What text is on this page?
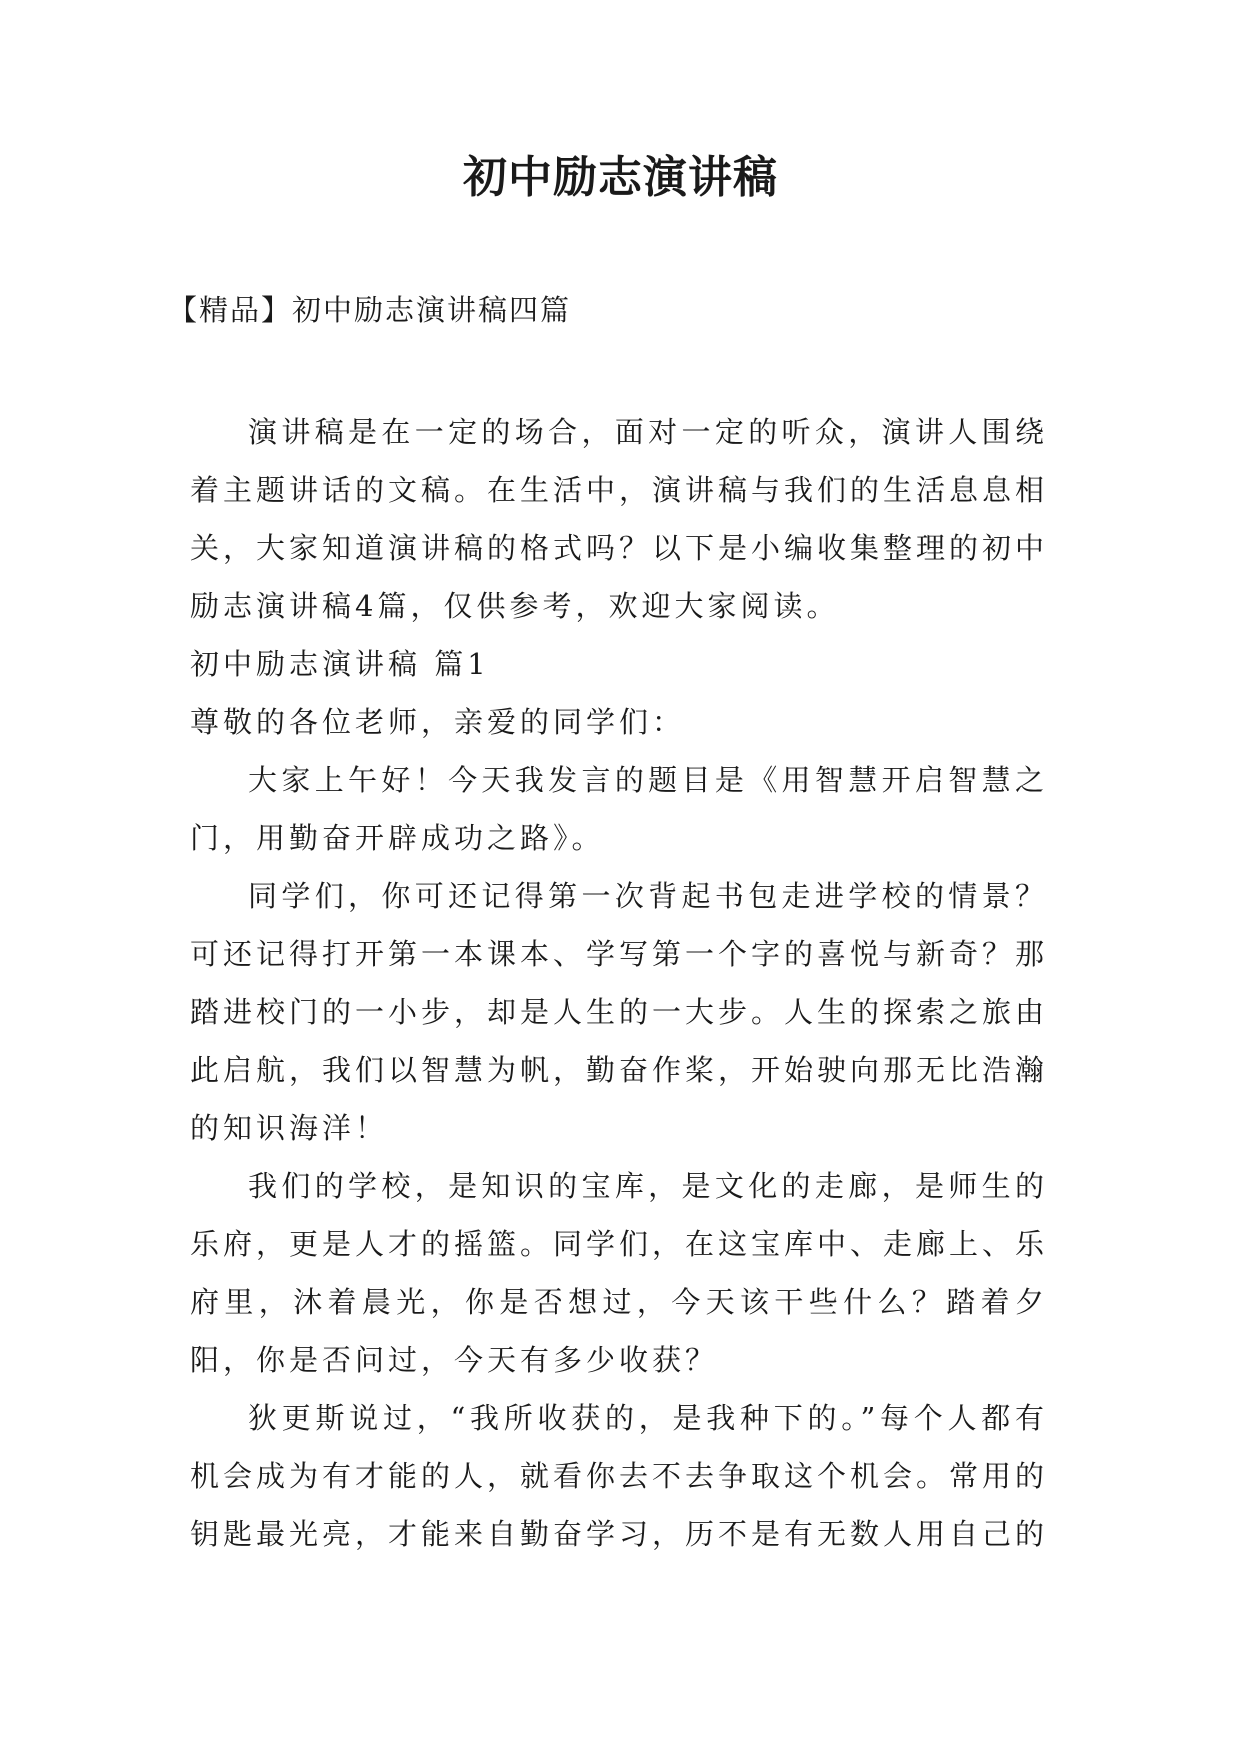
初中励志演讲稿

【精品】初中励志演讲稿四篇

演讲稿是在一定的场合，面对一定的听众，演讲人围绕着主题讲话的文稿。在生活中，演讲稿与我们的生活息息相关，大家知道演讲稿的格式吗？以下是小编收集整理的初中励志演讲稿4篇，仅供参考，欢迎大家阅读。

初中励志演讲稿 篇1

尊敬的各位老师，亲爱的同学们：

大家上午好！今天我发言的题目是《用智慧开启智慧之门，用勤奋开辟成功之路》。

同学们，你可还记得第一次背起书包走进学校的情景？可还记得打开第一本课本、学写第一个字的喜悦与新奇？那踏进校门的一小步，却是人生的一大步。人生的探索之旅由此启航，我们以智慧为帆，勤奋作桨，开始驶向那无比浩瀚的知识海洋！

我们的学校，是知识的宝库，是文化的走廊，是师生的乐府，更是人才的摇篮。同学们，在这宝库中、走廊上、乐府里，沐着晨光，你是否想过，今天该干些什么？踏着夕阳，你是否问过，今天有多少收获？

狄更斯说过，“我所收获的，是我种下的。”每个人都有机会成为有才能的人，就看你去不去争取这个机会。常用的钥匙最光亮，才能来自勤奋学习，历不是有无数人用自己的
